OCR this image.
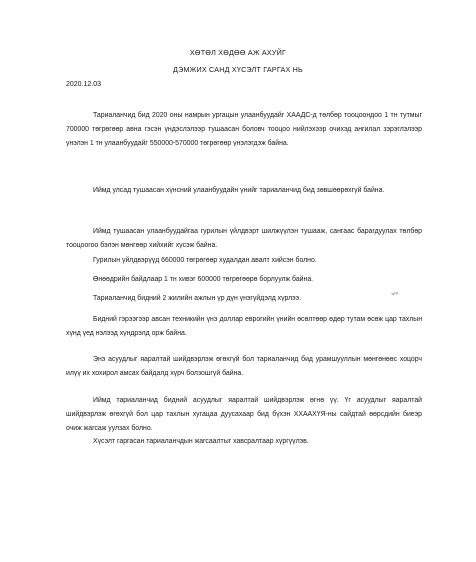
ХӨТӨЛ ХӨДӨӨ АЖ АХУЙГ
ДЭМЖИХ САНД ХҮСЭЛТ ГАРГАХ НЬ
2020.12.03

Тариаланчид бид 2020 оны намрын ургацын улаанбуудайг ХААДС-д төлбөр тооцоондоо 1 тн тутмыг 700000 төгрөгөөр авна гэсэн үндэслэлээр тушаасан боловч тооцоо нийлэхээр очихэд ангилал зэрэглэлээр үнэлэн 1 тн улаанбуудайг 550000-570000 төгрөгөөр үнэлэгдэж байна.

Иймд улсад тушаасан хүнсний улаанбуудайн үнийг тариаланчид бид зөвшөөрөхгүй байна.

Иймд тушаасан улаанбуудайгаа гурилын үйлдвэрт шилжүүлэн тушааж, сангаас барагдуулах төлбөр тооцоогоо бэлэн мөнгөөр хийхийг хүсэж байна.

Гурилын үйлдвэрүүд 660000 төгрөгөөр худалдан авалт хийсэн болно.

Өнөөдрийн байдлаар 1 тн хивэг 600000 төгрөгөөрө борлуулж байна.

Тариаланчид бидний 2 жилийн ажлын үр дүн үнэгүйдэлд хүрлээ.

Бидний гэрээгээр авсан техникийн үнэ доллар еврогийн үнийн өсөлтөөр өдөр тутам өсөж цар тахлын хүнд үед нэлээд хүндрэлд орж байна.

Энэ асуудлыг яаралтай шийдвэрлэж өгөхгүй бол тариаланчид бид урамшууллын мөнгөнөөс хоцорч илүү их хохирол амсах байдалд хүрч болзошгүй байна.

Иймд тариаланчид бидний асуудлыг яаралтай шийдвэрлэж өгнө үү. Үг асуудлыг яаралтай шийдвэрлэж өгөхгүй бол цар тахлын хугацаа дуусахаар бид бүхэн ХХААХҮЯ-ны сайдтай өөрсдийн биеэр очиж жагсаж уулзах болно.

Хүсэлт гаргасан тариаланчдын жагсаалтыг хавсралтаар хүргүүлэв.

ᴺᵀᴬ
